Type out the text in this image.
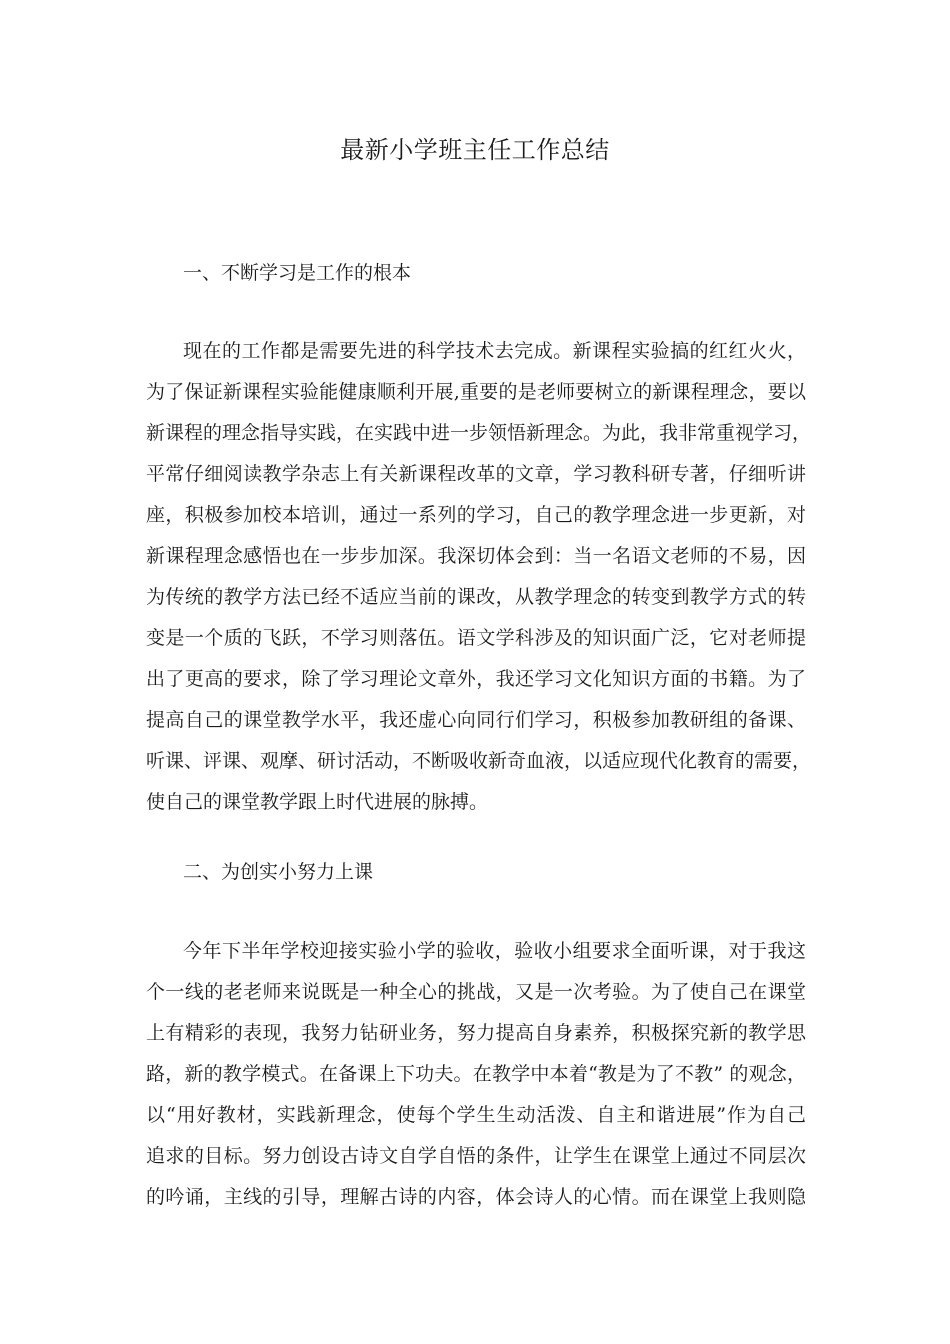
最新小学班主任工作总结
一、不断学习是工作的根本
现在的工作都是需要先进的科学技术去完成。新课程实验搞的红红火火，
为了保证新课程实验能健康顺利开展,重要的是老师要树立的新课程理念，要以
新课程的理念指导实践，在实践中进一步领悟新理念。为此，我非常重视学习，
平常仔细阅读教学杂志上有关新课程改革的文章，学习教科研专著，仔细听讲
座，积极参加校本培训，通过一系列的学习，自己的教学理念进一步更新，对
新课程理念感悟也在一步步加深。我深切体会到：当一名语文老师的不易，因
为传统的教学方法已经不适应当前的课改，从教学理念的转变到教学方式的转
变是一个质的飞跃，不学习则落伍。语文学科涉及的知识面广泛，它对老师提
出了更高的要求，除了学习理论文章外，我还学习文化知识方面的书籍。为了
提高自己的课堂教学水平，我还虚心向同行们学习，积极参加教研组的备课、
听课、评课、观摩、研讨活动，不断吸收新奇血液，以适应现代化教育的需要，
使自己的课堂教学跟上时代进展的脉搏。
二、为创实小努力上课
今年下半年学校迎接实验小学的验收，验收小组要求全面听课，对于我这
个一线的老老师来说既是一种全心的挑战，又是一次考验。为了使自己在课堂
上有精彩的表现，我努力钻研业务，努力提高自身素养，积极探究新的教学思
路，新的教学模式。在备课上下功夫。在教学中本着“教是为了不教” 的观念，
以“用好教材，实践新理念，使每个学生生动活泼、自主和谐进展”作为自己
追求的目标。努力创设古诗文自学自悟的条件，让学生在课堂上通过不同层次
的吟诵，主线的引导，理解古诗的内容，体会诗人的心情。而在课堂上我则隐
